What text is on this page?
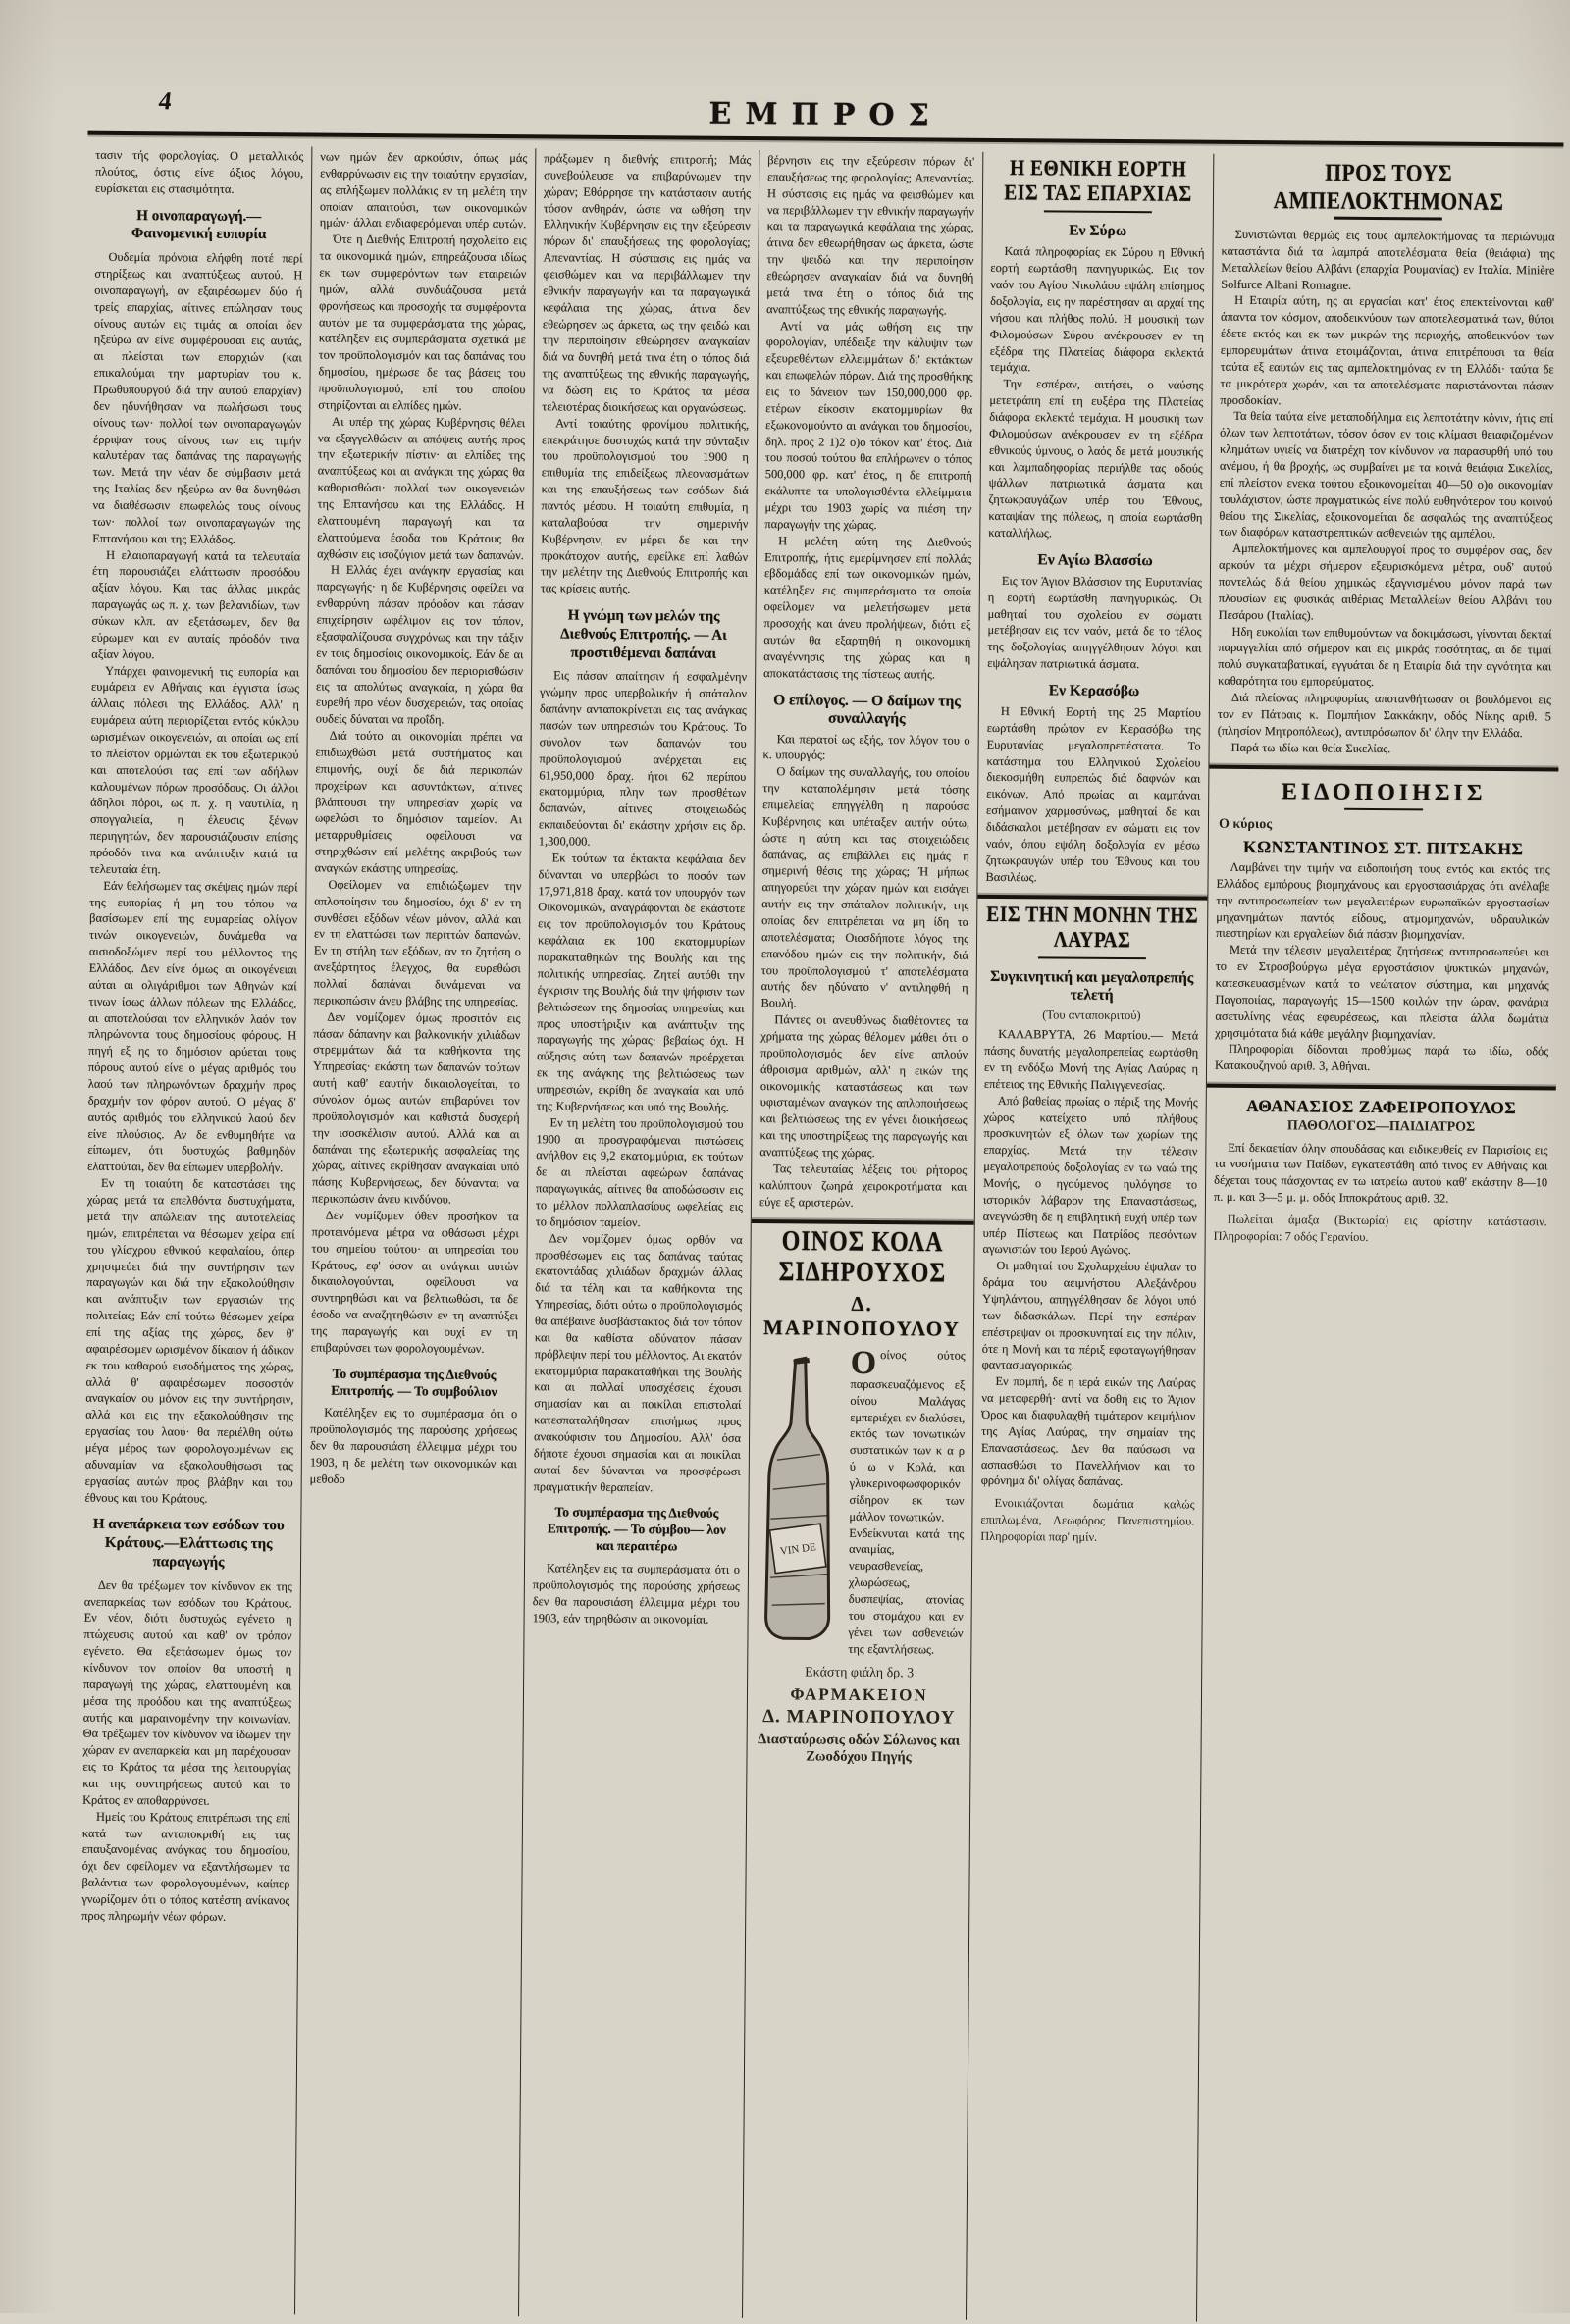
4	ΕΜΠΡΟΣ

τασιν τής φορολογίας. Ο μεταλλικός πλούτος, όστις είνε άξιος λόγου, ευρίσκεται εις στασιμότητα.

Η οινοπαραγωγή.—Φαινομενική ευπορία

Ουδεμία πρόνοια ελήφθη ποτέ περί στηρίξεως και αναπτύξεως αυτού. Η οινοπαραγωγή, αν εξαιρέσωμεν δύο ή τρείς επαρχίας, αίτινες επώλησαν τους οίνους αυτών εις τιμάς αι οποίαι δεν ηξεύρω αν είνε συμφέρουσαι εις αυτάς, αι πλείσται των επαρχιών (και επικαλούμαι την μαρτυρίαν του κ. Πρωθυπουργού διά την αυτού επαρχίαν) δεν ηδυνήθησαν να πωλήσωσι τους οίνους των· πολλοί των οινοπαραγωγών έρριψαν τους οίνους των εις τιμήν καλυτέραν τας δαπάνας της παραγωγής των. Μετά την νέαν δε σύμβασιν μετά της Ιταλίας δεν ηξεύρω αν θα δυνηθώσι να διαθέσωσιν επωφελώς τους οίνους των· πολλοί των οινοπαραγωγών της Επτανήσου και της Ελλάδος.

Η ελαιοπαραγωγή κατά τα τελευταία έτη παρουσιάζει ελάττωσιν προσόδου αξίαν λόγου. Και τας άλλας μικράς παραγωγάς ως π. χ. των βελανιδίων, των σύκων κλπ. αν εξετάσωμεν, δεν θα εύρωμεν και εν αυταίς πρόοδόν τινα αξίαν λόγου.

Υπάρχει φαινομενική τις ευπορία και ευμάρεια εν Αθήναις και έγγιστα ίσως άλλαις πόλεσι της Ελλάδος. Αλλ' η ευμάρεια αύτη περιορίζεται εντός κύκλου ωρισμένων οικογενειών, αι οποίαι ως επί το πλείστον ορμώνται εκ του εξωτερικού και αποτελούσι τας επί των αδήλων καλουμένων πόρων προσόδους. Οι άλλοι άδηλοι πόροι, ως π. χ. η ναυτιλία, η σπογγαλιεία, η έλευσις ξένων περιηγητών, δεν παρουσιάζουσιν επίσης πρόοδόν τινα και ανάπτυξιν κατά τα τελευταία έτη.

Εάν θελήσωμεν τας σκέψεις ημών περί της ευπορίας ή μη του τόπου να βασίσωμεν επί της ευμαρείας ολίγων τινών οικογενειών, δυνάμεθα να αισιοδοξώμεν περί του μέλλοντος της Ελλάδος. Δεν είνε όμως αι οικογένειαι αύται αι ολιγάριθμοι των Αθηνών καί τινων ίσως άλλων πόλεων της Ελλάδος, αι αποτελούσαι τον ελληνικόν λαόν τον πληρώνοντα τους δημοσίους φόρους. Η πηγή εξ ης το δημόσιον αρύεται τους πόρους αυτού είνε ο μέγας αριθμός του λαού των πληρωνόντων δραχμήν προς δραχμήν τον φόρον αυτού. Ο μέγας δ' αυτός αριθμός του ελληνικού λαού δεν είνε πλούσιος. Αν δε ενθυμηθήτε να είπωμεν, ότι δυστυχώς βαθμηδόν ελαττούται, δεν θα είπωμεν υπερβολήν.

Εν τη τοιαύτη δε καταστάσει της χώρας μετά τα επελθόντα δυστυχήματα, μετά την απώλειαν της αυτοτελείας ημών, επιτρέπεται να θέσωμεν χείρα επί του γλίσχρου εθνικού κεφαλαίου, όπερ χρησιμεύει διά την συντήρησιν των παραγωγών και διά την εξακολούθησιν και ανάπτυξιν των εργασιών της πολιτείας; Εάν επί τούτω θέσωμεν χείρα επί της αξίας της χώρας, δεν θ' αφαιρέσωμεν ωρισμένον δίκαιον ή άδικον εκ του καθαρού εισοδήματος της χώρας, αλλά θ' αφαιρέσωμεν ποσοστόν αναγκαίον ου μόνον εις την συντήρησιν, αλλά και εις την εξακολούθησιν της εργασίας του λαού· θα περιέλθη ούτω μέγα μέρος των φορολογουμένων εις αδυναμίαν να εξακολουθήσωσι τας εργασίας αυτών προς βλάβην και του έθνους και του Κράτους.

Η ανεπάρκεια των εσόδων του Κράτους.—Ελάττωσις της παραγωγής

Δεν θα τρέξωμεν τον κίνδυνον εκ της ανεπαρκείας των εσόδων του Κράτους. Εν νέον, διότι δυστυχώς εγένετο η πτώχευσις αυτού και καθ' ον τρόπον εγένετο. Θα εξετάσωμεν όμως τον κίνδυνον τον οποίον θα υποστή η παραγωγή της χώρας, ελαττουμένη και μέσα της προόδου και της αναπτύξεως αυτής και μαραινομένην την κοινωνίαν. Θα τρέξωμεν τον κίνδυνον να ίδωμεν την χώραν εν ανεπαρκεία και μη παρέχουσαν εις το Κράτος τα μέσα της λειτουργίας και της συντηρήσεως αυτού και το Κράτος εν αποθαρρύνσει.

Ημείς του Κράτους επιτρέπωσι της επί κατά των ανταποκριθή εις τας επαυξανομένας ανάγκας του δημοσίου, όχι δεν οφείλομεν να εξαντλήσωμεν τα βαλάντια των φορολογουμένων, καίπερ γνωρίζομεν ότι ο τόπος κατέστη ανίκανος προς πληρωμήν νέων φόρων.

νων ημών δεν αρκούσιν, όπως μάς ενθαρρύνωσιν εις την τοιαύτην εργασίαν, ας επλήξωμεν πολλάκις εν τη μελέτη την οποίαν απαιτούσι, των οικονομικών ημών· άλλαι ενδιαφερόμεναι υπέρ αυτών.

Ότε η Διεθνής Επιτροπή ησχολείτο εις τα οικονομικά ημών, επηρεάζουσα ιδίως εκ των συμφερόντων των εταιρειών ημών, αλλά συνδυάζουσα μετά φρονήσεως και προσοχής τα συμφέροντα αυτών με τα συμφεράσματα της χώρας, κατέληξεν εις συμπεράσματα σχετικά με τον προϋπολογισμόν και τας δαπάνας του δημοσίου, ημέρωσε δε τας βάσεις του προϋπολογισμού, επί του οποίου στηρίζονται αι ελπίδες ημών.

Αι υπέρ της χώρας Κυβέρνησις θέλει να εξαγγελθώσιν αι απόψεις αυτής προς την εξωτερικήν πίστιν· αι ελπίδες της αναπτύξεως και αι ανάγκαι της χώρας θα καθορισθώσι· πολλαί των οικογενειών της Επτανήσου και της Ελλάδος. Η ελαττουμένη παραγωγή και τα ελαττούμενα έσοδα του Κράτους θα αχθώσιν εις ισοζύγιον μετά των δαπανών.

Η Ελλάς έχει ανάγκην εργασίας και παραγωγής· η δε Κυβέρνησις οφείλει να ενθαρρύνη πάσαν πρόοδον και πάσαν επιχείρησιν ωφέλιμον εις τον τόπον, εξασφαλίζουσα συγχρόνως και την τάξιν εν τοις δημοσίοις οικονομικοίς. Εάν δε αι δαπάναι του δημοσίου δεν περιορισθώσιν εις τα απολύτως αναγκαία, η χώρα θα ευρεθή προ νέων δυσχερειών, τας οποίας ουδείς δύναται να προΐδη.

Διά τούτο αι οικονομίαι πρέπει να επιδιωχθώσι μετά συστήματος και επιμονής, ουχί δε διά περικοπών προχείρων και ασυντάκτων, αίτινες βλάπτουσι την υπηρεσίαν χωρίς να ωφελώσι το δημόσιον ταμείον. Αι μεταρρυθμίσεις οφείλουσι να στηριχθώσιν επί μελέτης ακριβούς των αναγκών εκάστης υπηρεσίας.

Οφείλομεν να επιδιώξωμεν την απλοποίησιν του δημοσίου, όχι δ' εν τη συνθέσει εξόδων νέων μόνον, αλλά και εν τη ελαττώσει των περιττών δαπανών. Εν τη στήλη των εξόδων, αν το ζητήση ο ανεξάρτητος έλεγχος, θα ευρεθώσι πολλαί δαπάναι δυνάμεναι να περικοπώσιν άνευ βλάβης της υπηρεσίας.

Δεν νομίζομεν όμως προσιτόν εις πάσαν δάπανην και βαλκανικήν χιλιάδων στρεμμάτων διά τα καθήκοντα της Υπηρεσίας· εκάστη των δαπανών τούτων αυτή καθ' εαυτήν δικαιολογείται, το σύνολον όμως αυτών επιβαρύνει τον προϋπολογισμόν και καθιστά δυσχερή την ισοσκέλισιν αυτού. Αλλά και αι δαπάναι της εξωτερικής ασφαλείας της χώρας, αίτινες εκρίθησαν αναγκαίαι υπό πάσης Κυβερνήσεως, δεν δύνανται να περικοπώσιν άνευ κινδύνου.

Δεν νομίζομεν όθεν προσήκον τα προτεινόμενα μέτρα να φθάσωσι μέχρι του σημείου τούτου· αι υπηρεσίαι του Κράτους, εφ' όσον αι ανάγκαι αυτών δικαιολογούνται, οφείλουσι να συντηρηθώσι και να βελτιωθώσι, τα δε έσοδα να αναζητηθώσιν εν τη αναπτύξει της παραγωγής και ουχί εν τη επιβαρύνσει των φορολογουμένων.

Το συμπέρασμα της Διεθνούς Επιτροπής. — Το συμβούλιον

Κατέληξεν εις το συμπέρασμα ότι ο προϋπολογισμός της παρούσης χρήσεως δεν θα παρουσιάση έλλειμμα μέχρι του 1903, η δε μελέτη των οικονομικών και μεθοδο

πράξωμεν η διεθνής επιτροπή; Μάς συνεβούλευσε να επιβαρύνωμεν την χώραν; Εθάρρησε την κατάστασιν αυτής τόσον ανθηράν, ώστε να ωθήση την Ελληνικήν Κυβέρνησιν εις την εξεύρεσιν πόρων δι' επαυξήσεως της φορολογίας; Απεναντίας. Η σύστασις εις ημάς να φεισθώμεν και να περιβάλλωμεν την εθνικήν παραγωγήν και τα παραγωγικά κεφάλαια της χώρας, άτινα δεν εθεώρησεν ως άρκετα, ως την φειδώ και την περιποίησιν εθεώρησεν αναγκαίαν διά να δυνηθή μετά τινα έτη ο τόπος διά της αναπτύξεως της εθνικής παραγωγής, να δώση εις το Κράτος τα μέσα τελειοτέρας διοικήσεως και οργανώσεως.

Αντί τοιαύτης φρονίμου πολιτικής, επεκράτησε δυστυχώς κατά την σύνταξιν του προϋπολογισμού του 1900 η επιθυμία της επιδείξεως πλεονασμάτων και της επαυξήσεως των εσόδων διά παντός μέσου. Η τοιαύτη επιθυμία, η καταλαβούσα την σημερινήν Κυβέρνησιν, εν μέρει δε και την προκάτοχον αυτής, εφείλκε επί λαθών την μελέτην της Διεθνούς Επιτροπής και τας κρίσεις αυτής.

Η γνώμη των μελών της Διεθνούς Επιτροπής. — Αι προστιθέμεναι δαπάναι

Εις πάσαν απαίτησιν ή εσφαλμένην γνώμην προς υπερβολικήν ή σπάταλον δαπάνην ανταποκρίνεται εις τας ανάγκας πασών των υπηρεσιών του Κράτους. Το σύνολον των δαπανών του προϋπολογισμού ανέρχεται εις 61,950,000 δραχ. ήτοι 62 περίπου εκατομμύρια, πλην των προσθέτων δαπανών, αίτινες στοιχειωδώς εκπαιδεύονται δι' εκάστην χρήσιν εις δρ. 1,300,000.

Εκ τούτων τα έκτακτα κεφάλαια δεν δύνανται να υπερβώσι το ποσόν των 17,971,818 δραχ. κατά τον υπουργόν των Οικονομικών, αναγράφονται δε εκάστοτε εις τον προϋπολογισμόν του Κράτους κεφάλαια εκ 100 εκατομμυρίων παρακαταθηκών της Βουλής και της πολιτικής υπηρεσίας. Ζητεί αυτόθι την έγκρισιν της Βουλής διά την ψήφισιν των βελτιώσεων της δημοσίας υπηρεσίας και προς υποστήριξιν και ανάπτυξιν της παραγωγής της χώρας· βεβαίως όχι. Η αύξησις αύτη των δαπανών προέρχεται εκ της ανάγκης της βελτιώσεως των υπηρεσιών, εκρίθη δε αναγκαία και υπό της Κυβερνήσεως και υπό της Βουλής.

Εν τη μελέτη του προϋπολογισμού του 1900 αι προσγραφόμεναι πιστώσεις ανήλθον εις 9,2 εκατομμύρια, εκ τούτων δε αι πλείσται αφεώρων δαπάνας παραγωγικάς, αίτινες θα αποδώσωσιν εις το μέλλον πολλαπλασίους ωφελείας εις το δημόσιον ταμείον.

Δεν νομίζομεν όμως ορθόν να προσθέσωμεν εις τας δαπάνας ταύτας εκατοντάδας χιλιάδων δραχμών άλλας διά τα τέλη και τα καθήκοντα της Υπηρεσίας, διότι ούτω ο προϋπολογισμός θα απέβαινε δυσβάστακτος διά τον τόπον και θα καθίστα αδύνατον πάσαν πρόβλεψιν περί του μέλλοντος. Αι εκατόν εκατομμύρια παρακαταθήκαι της Βουλής και αι πολλαί υποσχέσεις έχουσι σημασίαν και αι ποικίλαι επιστολαί κατεσπαταλήθησαν επισήμως προς ανακούφισιν του Δημοσίου. Αλλ' όσα δήποτε έχουσι σημασίαι και αι ποικίλαι αυταί δεν δύνανται να προσφέρωσι πραγματικήν θεραπείαν.

Το συμπέρασμα της Διεθνούς Επιτροπής. — Το σύμβου— λον και περαιτέρω

Κατέληξεν εις τα συμπεράσματα ότι ο προϋπολογισμός της παρούσης χρήσεως δεν θα παρουσιάση έλλειμμα μέχρι του 1903, εάν τηρηθώσιν αι οικονομίαι.

βέρνησιν εις την εξεύρεσιν πόρων δι' επαυξήσεως της φορολογίας; Απεναντίας. Η σύστασις εις ημάς να φεισθώμεν και να περιβάλλωμεν την εθνικήν παραγωγήν και τα παραγωγικά κεφάλαια της χώρας, άτινα δεν εθεωρήθησαν ως άρκετα, ώστε την ψειδώ και την περιποίησιν εθεώρησεν αναγκαίαν διά να δυνηθή μετά τινα έτη ο τόπος διά της αναπτύξεως της εθνικής παραγωγής.

Αντί να μάς ωθήση εις την φορολογίαν, υπέδειξε την κάλυψιν των εξευρεθέντων ελλειμμάτων δι' εκτάκτων και επωφελών πόρων. Διά της προσθήκης εις το δάνειον των 150,000,000 φρ. ετέρων είκοσιν εκατομμυρίων θα εξωκονομούντο αι ανάγκαι του δημοσίου, δηλ. προς 2 1)2 ο)ο τόκον κατ' έτος. Διά του ποσού τούτου θα επλήρωνεν ο τόπος 500,000 φρ. κατ' έτος, η δε επιτροπή εκάλυπτε τα υπολογισθέντα ελλείμματα μέχρι του 1903 χωρίς να πιέση την παραγωγήν της χώρας.

Η μελέτη αύτη της Διεθνούς Επιτροπής, ήτις εμερίμνησεν επί πολλάς εβδομάδας επί των οικονομικών ημών, κατέληξεν εις συμπεράσματα τα οποία οφείλομεν να μελετήσωμεν μετά προσοχής και άνευ προλήψεων, διότι εξ αυτών θα εξαρτηθή η οικονομική αναγέννησις της χώρας και η αποκατάστασις της πίστεως αυτής.

Ο επίλογος. — Ο δαίμων της συναλλαγής

Και περατοί ως εξής, τον λόγον του ο κ. υπουργός:

Ο δαίμων της συναλλαγής, του οποίου την καταπολέμησιν μετά τόσης επιμελείας επηγγέλθη η παρούσα Κυβέρνησις και υπέταξεν αυτήν ούτω, ώστε η αύτη και τας στοιχειώδεις δαπάνας, ας επιβάλλει εις ημάς η σημερινή θέσις της χώρας; Ή μήπως απηγορεύει την χώραν ημών και εισάγει αυτήν εις την σπάταλον πολιτικήν, της οποίας δεν επιτρέπεται να μη ίδη τα αποτελέσματα; Οιοσδήποτε λόγος της επανόδου ημών εις την πολιτικήν, διά του προϋπολογισμού τ' αποτελέσματα αυτής δεν ηδύνατο ν' αντιληφθή η Βουλή.

Πάντες οι ανευθύνως διαθέτοντες τα χρήματα της χώρας θέλομεν μάθει ότι ο προϋπολογισμός δεν είνε απλούν άθροισμα αριθμών, αλλ' η εικών της οικονομικής καταστάσεως και των υφισταμένων αναγκών της απλοποιήσεως και βελτιώσεως της εν γένει διοικήσεως και της υποστηρίξεως της παραγωγής και αναπτύξεως της χώρας.

Τας τελευταίας λέξεις του ρήτορος καλύπτουν ζωηρά χειροκροτήματα και εύγε εξ αριστερών.

ΟΙΝΟΣ ΚΟΛΑ ΣΙΔΗΡΟΥΧΟΣ
Δ. ΜΑΡΙΝΟΠΟΥΛΟΥ
VIN DE

Οοίνος ούτος παρασκευαζόμενος εξ οίνου Μαλάγας εμπεριέχει εν διαλύσει, εκτός των τονωτικών συστατικών των κ α ρ ύ ω ν Κολά, και γλυκερινοφωσφορικόν σίδηρον εκ των μάλλον τονωτικών.

Ενδείκνυται κατά της αναιμίας, νευρασθενείας, χλωρώσεως, δυσπεψίας, ατονίας του στομάχου και εν γένει των ασθενειών της εξαντλήσεως.

Εκάστη φιάλη δρ. 3
ΦΑΡΜΑΚΕΙΟΝ
Δ. ΜΑΡΙΝΟΠΟΥΛΟΥ
Διασταύρωσις οδών Σόλωνος και Ζωοδόχου Πηγής
Η ΕΘΝΙΚΗ ΕΟΡΤΗ ΕΙΣ ΤΑΣ ΕΠΑΡΧΙΑΣ
Εν Σύρω

Κατά πληροφορίας εκ Σύρου η Εθνική εορτή εωρτάσθη πανηγυρικώς. Εις τον ναόν του Αγίου Νικολάου εψάλη επίσημος δοξολογία, εις ην παρέστησαν αι αρχαί της νήσου και πλήθος πολύ. Η μουσική των Φιλομούσων Σύρου ανέκρουσεν εν τη εξέδρα της Πλατείας διάφορα εκλεκτά τεμάχια.

Την εσπέραν, αιτήσει, ο ναύσης μετετράπη επί τη ευξέρα της Πλατείας διάφορα εκλεκτά τεμάχια. Η μουσική των Φιλομούσων ανέκρουσεν εν τη εξέδρα εθνικούς ύμνους, ο λαός δε μετά μουσικής και λαμπαδηφορίας περιήλθε τας οδούς ψάλλων πατριωτικά άσματα και ζητωκραυγάζων υπέρ του Έθνους, καταψίαν της πόλεως, η οποία εωρτάσθη καταλλήλως.

Εν Αγίω Βλασσίω

Εις τον Άγιον Βλάσσιον της Ευρυτανίας η εορτή εωρτάσθη πανηγυρικώς. Οι μαθηταί του σχολείου εν σώματι μετέβησαν εις τον ναόν, μετά δε το τέλος της δοξολογίας απηγγέλθησαν λόγοι και εψάλησαν πατριωτικά άσματα.

Εν Κερασόβω

Η Εθνική Εορτή της 25 Μαρτίου εωρτάσθη πρώτον εν Κερασόβω της Ευρυτανίας μεγαλοπρεπέστατα. Το κατάστημα του Ελληνικού Σχολείου διεκοσμήθη ευπρεπώς διά δαφνών και εικόνων. Από πρωίας αι καμπάναι εσήμαινον χαρμοσύνως, μαθηταί δε και διδάσκαλοι μετέβησαν εν σώματι εις τον ναόν, όπου εψάλη δοξολογία εν μέσω ζητωκραυγών υπέρ του Έθνους και του Βασιλέως.

ΕΙΣ ΤΗΝ ΜΟΝΗΝ ΤΗΣ ΛΑΥΡΑΣ
Συγκινητική και μεγαλοπρεπής τελετή
(Του ανταποκριτού)

ΚΑΛΑΒΡΥΤΑ, 26 Μαρτίου.— Μετά πάσης δυνατής μεγαλοπρεπείας εωρτάσθη εν τη ενδόξω Μονή της Αγίας Λαύρας η επέτειος της Εθνικής Παλιγγενεσίας.

Από βαθείας πρωίας ο πέριξ της Μονής χώρος κατείχετο υπό πλήθους προσκυνητών εξ όλων των χωρίων της επαρχίας. Μετά την τέλεσιν μεγαλοπρεπούς δοξολογίας εν τω ναώ της Μονής, ο ηγούμενος ηυλόγησε το ιστορικόν λάβαρον της Επαναστάσεως, ανεγνώσθη δε η επιβλητική ευχή υπέρ των υπέρ Πίστεως και Πατρίδος πεσόντων αγωνιστών του Ιερού Αγώνος.

Οι μαθηταί του Σχολαρχείου έψαλαν το δράμα του αειμνήστου Αλεξάνδρου Υψηλάντου, απηγγέλθησαν δε λόγοι υπό των διδασκάλων. Περί την εσπέραν επέστρεψαν οι προσκυνηταί εις την πόλιν, ότε η Μονή και τα πέριξ εφωταγωγήθησαν φαντασμαγορικώς.

Εν πομπή, δε η ιερά εικών της Λαύρας να μεταφερθή· αντί να δοθή εις το Άγιον Όρος και διαφυλαχθή τιμάτερον κειμήλιον της Αγίας Λαύρας, την σημαίαν της Επαναστάσεως. Δεν θα παύσωσι να ασπασθώσι το Πανελλήνιον και το φρόνημα δι' ολίγας δαπάνας.

Ενοικιάζονται δωμάτια καλώς επιπλωμένα, Λεωφόρος Πανεπιστημίου. Πληροφορίαι παρ' ημίν.

ΠΡΟΣ ΤΟΥΣ ΑΜΠΕΛΟΚΤΗΜΟΝΑΣ

Συνιστώνται θερμώς εις τους αμπελοκτήμονας τα περιώνυμα καταστάντα διά τα λαμπρά αποτελέσματα θεία (θειάφια) της Μεταλλείων θείου Αλβάνι (επαρχία Ρουμανίας) εν Ιταλία. Minière Solfurce Albani Romagne.

Η Εταιρία αύτη, ης αι εργασίαι κατ' έτος επεκτείνονται καθ' άπαντα τον κόσμον, αποδεικνύουν των αποτελεσματικά των, θύτοι έδετε εκτός και εκ των μικρών της περιοχής, αποθεικνύον των εμπορευμάτων άτινα ετοιμάζονται, άτινα επιτρέπουσι τα θεία ταύτα εξ εαυτών εις τας αμπελοκτημόνας εν τη Ελλάδι· ταύτα δε τα μικρότερα χωράν, και τα αποτελέσματα παριστάνονται πάσαν προσδοκίαν.

Τα θεία ταύτα είνε μεταποδήλημα εις λεπτοτάτην κόνιν, ήτις επί όλων των λεπτοτάτων, τόσον όσον εν τοις κλίμασι θειαφιζομένων κλημάτων υγιείς να διατρέχη τον κίνδυνον να παρασυρθή υπό του ανέμου, ή θα βροχής, ως συμβαίνει με τα κοινά θειάφια Σικελίας, επί πλείστον ενεκα τούτου εξοικονομείται 40—50 ο)ο οικονομίαν τουλάχιστον, ώστε πραγματικώς είνε πολύ ευθηνότερον του κοινού θείου της Σικελίας, εξοικονομείται δε ασφαλώς της αναπτύξεως των διαφόρων καταστρεπτικών ασθενειών της αμπέλου.

Αμπελοκτήμονες και αμπελουργοί προς το συμφέρον σας, δεν αρκούν τα μέχρι σήμερον εξευρισκόμενα μέτρα, ουδ' αυτού παντελώς διά θείου χημικώς εξαγνισμένου μόνον παρά των πλουσίων εις φυσικάς αιθέριας Μεταλλείων θείου Αλβάνι του Πεσάρου (Ιταλίας).

Ηδη ευκολίαι των επιθυμούντων να δοκιμάσωσι, γίνονται δεκταί παραγγελίαι από σήμερον και εις μικράς ποσότητας, αι δε τιμαί πολύ συγκαταβατικαί, εγγυάται δε η Εταιρία διά την αγνότητα και καθαρότητα του εμπορεύματος.

Διά πλείονας πληροφορίας αποτανθήτωσαν οι βουλόμενοι εις τον εν Πάτραις κ. Πομπήιον Σακκάκην, οδός Νίκης αριθ. 5 (πλησίον Μητροπόλεως), αντιπρόσωπον δι' όλην την Ελλάδα.

Παρά τω ιδίω και θεία Σικελίας.

ΕΙΔΟΠΟΙΗΣΙΣ
Ο κύριος
ΚΩΝΣΤΑΝΤΙΝΟΣ ΣΤ. ΠΙΤΣΑΚΗΣ

Λαμβάνει την τιμήν να ειδοποιήση τους εντός και εκτός της Ελλάδος εμπόρους βιομηχάνους και εργοστασιάρχας ότι ανέλαβε την αντιπροσωπείαν των μεγαλειτέρων ευρωπαϊκών εργοστασίων μηχανημάτων παντός είδους, ατμομηχανών, υδραυλικών πιεστηρίων και εργαλείων διά πάσαν βιομηχανίαν.

Μετά την τέλεσιν μεγαλειτέρας ζητήσεως αντιπροσωπεύει και το εν Στρασβούργω μέγα εργοστάσιον ψυκτικών μηχανών, κατεσκευασμένων κατά το νεώτατον σύστημα, και μηχανάς Παγοποιίας, παραγωγής 15—1500 κοιλών την ώραν, φανάρια ασετυλίνης νέας εφευρέσεως, και πλείστα άλλα δωμάτια χρησιμότατα διά κάθε μεγάλην βιομηχανίαν.

Πληροφορίαι δίδονται προθύμως παρά τω ιδίω, οδός Κατακουζηνού αριθ. 3, Αθήναι.

ΑΘΑΝΑΣΙΟΣ ΖΑΦΕΙΡΟΠΟΥΛΟΣ
ΠΑΘΟΛΟΓΟΣ—ΠΑΙΔΙΑΤΡΟΣ

Επί δεκαετίαν όλην σπουδάσας και ειδικευθείς εν Παρισίοις εις τα νοσήματα των Παίδων, εγκατεστάθη από τινος εν Αθήναις και δέχεται τους πάσχοντας εν τω ιατρείω αυτού καθ' εκάστην 8—10 π. μ. και 3—5 μ. μ. οδός Ιπποκράτους αριθ. 32.

Πωλείται άμαξα (Βικτωρία) εις αρίστην κατάστασιν. Πληροφορίαι: 7 οδός Γερανίου.
